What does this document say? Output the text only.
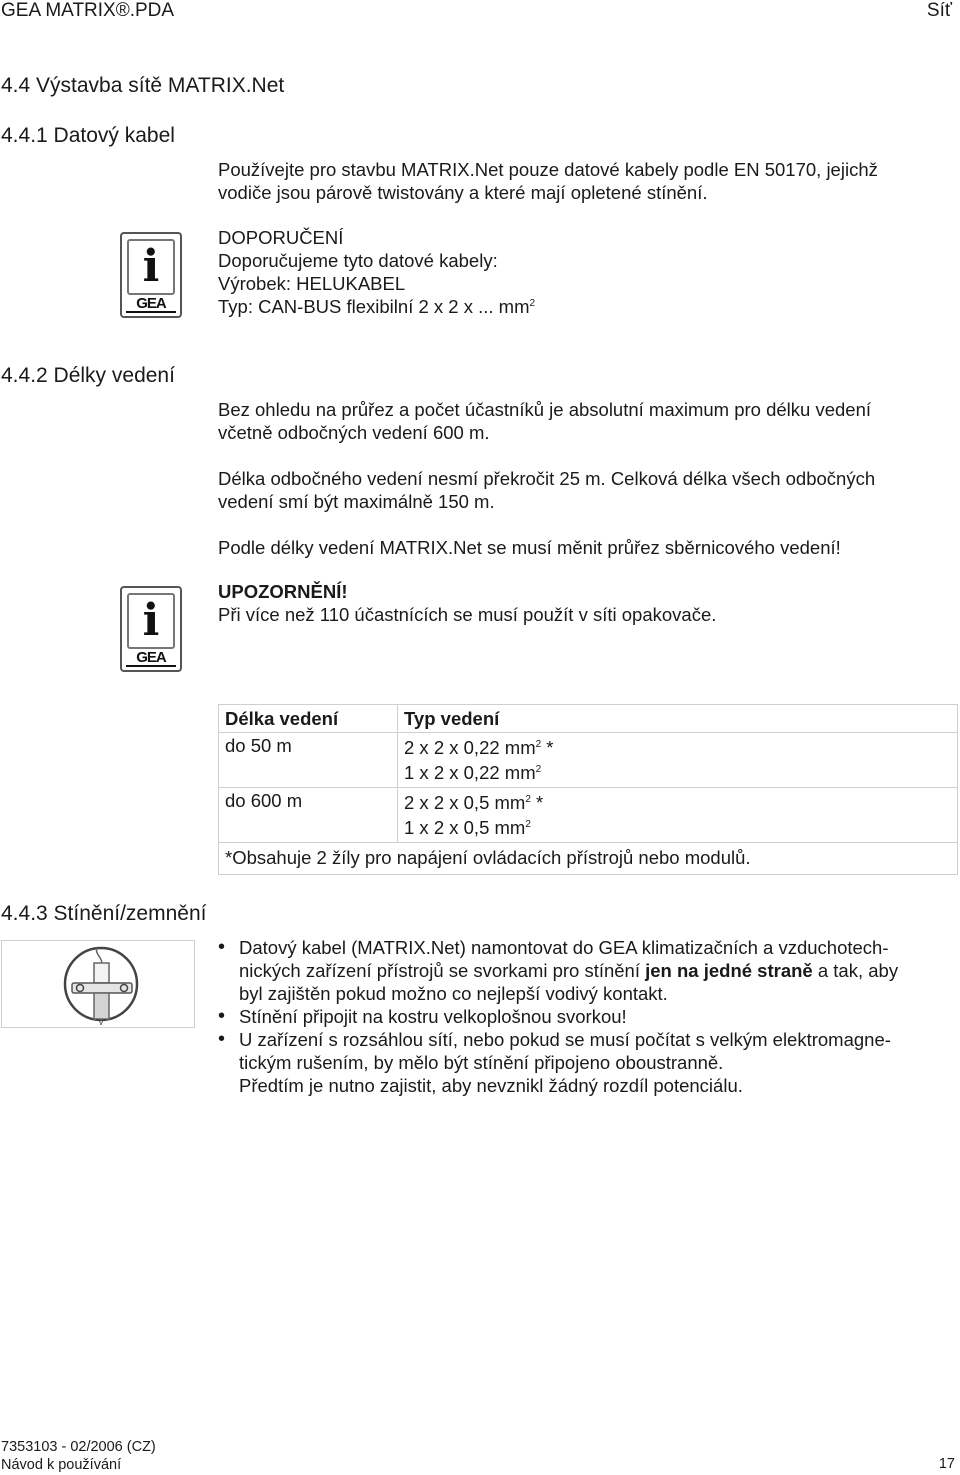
GEA MATRIX®.PDA	Síť
4.4 Výstavba sítě MATRIX.Net
4.4.1 Datový kabel
Používejte pro stavbu MATRIX.Net pouze datové kabely podle EN 50170, jejichž
vodiče jsou párově twistovány a které mají opletené stínění.
i
GEA
DOPORUČENÍ
Doporučujeme tyto datové kabely:
Výrobek: HELUKABEL
Typ: CAN-BUS flexibilní 2 x 2 x ... $mm^2$
4.4.2 Délky vedení
Bez ohledu na průřez a počet účastníků je absolutní maximum pro délku vedení
včetně odbočných vedení 600 m.
Délka odbočného vedení nesmí překročit 25 m. Celková délka všech odbočných
vedení smí být maximálně 150 m.
Podle délky vedení MATRIX.Net se musí měnit průřez sběrnicového vedení!
i
GEA
UPOZORNĚNÍ!
Při více než 110 účastnících se musí použít v síti opakovače.
Délka vedení	Typ vedení
do 50 m	2 x 2 x 0,22 $mm^2$ *
1 x 2 x 0,22 $mm^2$

do 600 m	2 x 2 x 0,5 $mm^2$ *
1 x 2 x 0,5 $mm^2$

*Obsahuje 2 žíly pro napájení ovládacích přístrojů nebo modulů.	
4.4.3 Stínění/zemnění
"V"
• Datový kabel (MATRIX.Net) namontovat do GEA klimatizačních a vzduchotech-
nických zařízení přístrojů se svorkami pro stínění jen na jedné straně a tak, aby
byl zajištěn pokud možno co nejlepší vodivý kontakt.
• Stínění připojit na kostru velkoplošnou svorkou!
• U zařízení s rozsáhlou sítí, nebo pokud se musí počítat s velkým elektromagne-
tickým rušením, by mělo být stínění připojeno oboustranně.
Předtím je nutno zajistit, aby nevznikl žádný rozdíl potenciálu.
7353103 - 02/2006 (CZ)
Návod k používání	17
